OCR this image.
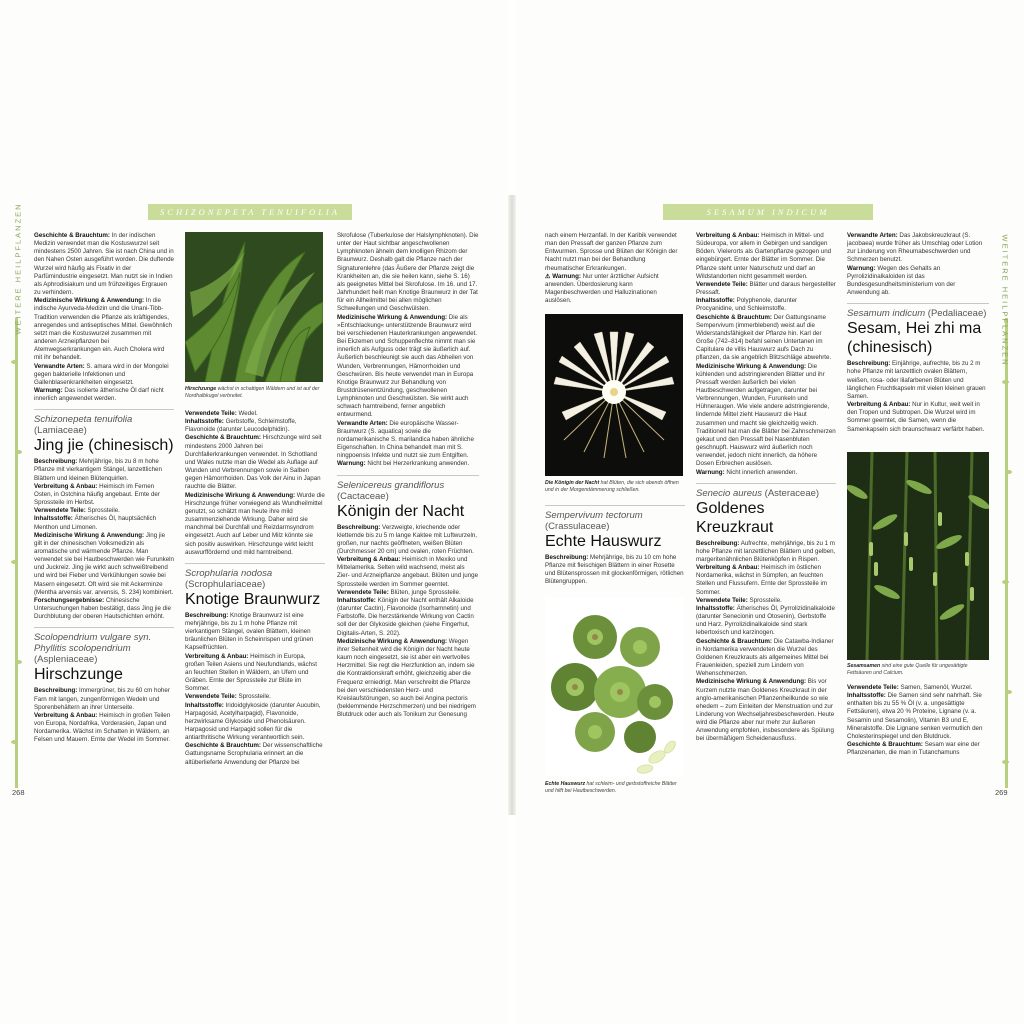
WEITERE HEILPFLANZEN
268
SCHIZONEPETA TENUIFOLIA

Geschichte & Brauchtum: In der indischen Medizin verwendet man die Kostuswurzel seit mindestens 2500 Jahren. Sie ist nach China und in den Nahen Osten ausgeführt worden. Die duftende Wurzel wird häufig als Fixativ in der Parfümindustrie eingesetzt. Man nutzt sie in Indien als Aphrodisiakum und um frühzeitiges Ergrauen zu verhindern.

Medizinische Wirkung & Anwendung: In die indische Ayurveda-Medizin und die Unani-Tibb-Tradition verwenden die Pflanze als kräftigendes, anregendes und antiseptisches Mittel. Gewöhnlich setzt man die Kostuswurzel zusammen mit anderen Arzneipflanzen bei Atemwegserkrankungen ein. Auch Cholera wird mit ihr behandelt.

Verwandte Arten: S. amara wird in der Mongolei gegen bakterielle Infektionen und Gallenblasenkrankheiten eingesetzt.

Warnung: Das isolierte ätherische Öl darf nicht innerlich angewendet werden.

Schizonepeta tenuifolia (Lamiaceae)
Jing jie (chinesisch)

Beschreibung: Mehrjährige, bis zu 8 m hohe Pflanze mit vierkantigem Stängel, lanzettlichen Blättern und kleinen Blütenquirlen.

Verbreitung & Anbau: Heimisch im Fernen Osten, in Ostchina häufig angebaut. Ernte der Sprossteile im Herbst.

Verwendete Teile: Sprossteile.

Inhaltsstoffe: Ätherisches Öl, hauptsächlich Menthon und Limonen.

Medizinische Wirkung & Anwendung: Jing jie gilt in der chinesischen Volksmedizin als aromatische und wärmende Pflanze. Man verwendet sie bei Hautbeschwerden wie Furunkeln und Juckreiz. Jing jie wirkt auch schweißtreibend und wird bei Fieber und Verkühlungen sowie bei Masern eingesetzt. Oft wird sie mit Ackerminze (Mentha arvensis var. arvensis, S. 234) kombiniert.

Forschungsergebnisse: Chinesische Untersuchungen haben bestätigt, dass Jing jie die Durchblutung der oberen Hautschichten erhöht.

Scolopendrium vulgare syn. Phyllitis scolopendrium (Aspleniaceae)
Hirschzunge

Beschreibung: Immergrüner, bis zu 60 cm hoher Farn mit langen, zungenförmigen Wedeln und Sporenbehältern an ihrer Unterseite.

Verbreitung & Anbau: Heimisch in großen Teilen von Europa, Nordafrika, Vorderasien, Japan und Nordamerika. Wächst im Schatten in Wäldern, an Felsen und Mauern. Ernte der Wedel im Sommer.

Hirschzunge wächst in schattigen Wäldern und ist auf der Nordhalbkugel verbreitet.

Verwendete Teile: Wedel.

Inhaltsstoffe: Gerbstoffe, Schleimstoffe, Flavonoide (darunter Leucodelphidin).

Geschichte & Brauchtum: Hirschzunge wird seit mindestens 2000 Jahren bei Durchfallerkrankungen verwendet. In Schottland und Wales nutzte man die Wedel als Auflage auf Wunden und Verbrennungen sowie in Salben gegen Hämorrhoiden. Das Volk der Ainu in Japan rauchte die Blätter.

Medizinische Wirkung & Anwendung: Wurde die Hirschzunge früher vorwiegend als Wundheilmittel genutzt, so schätzt man heute ihre mild zusammenziehende Wirkung. Daher wird sie manchmal bei Durchfall und Reizdarmsyndrom eingesetzt. Auch auf Leber und Milz könnte sie sich positiv auswirken. Hirschzunge wirkt leicht auswurffördernd und mild harntreibend.

Scrophularia nodosa
(Scrophulariaceae)
Knotige Braunwurz

Beschreibung: Knotige Braunwurz ist eine mehrjährige, bis zu 1 m hohe Pflanze mit vierkantigem Stängel, ovalen Blättern, kleinen bräunlichen Blüten in Scheinrispen und grünen Kapselfrüchten.

Verbreitung & Anbau: Heimisch in Europa, großen Teilen Asiens und Neufundlands, wächst an feuchten Stellen in Wäldern, an Ufern und Gräben. Ernte der Sprossteile zur Blüte im Sommer.

Verwendete Teile: Sprossteile.

Inhaltsstoffe: Iridoidglykoside (darunter Aucubin, Harpagosid, Acetylharpagid), Flavonoide, herzwirksame Glykoside und Phenolsäuren. Harpagosid und Harpagid sollen für die antiarthritische Wirkung verantwortlich sein.

Geschichte & Brauchtum: Der wissenschaftliche Gattungsname Scrophularia erinnert an die altüberlieferte Anwendung der Pflanze bei

Skrofulose (Tuberkulose der Halslymphknoten). Die unter der Haut sichtbar angeschwollenen Lymphknoten ähneln dem knolligen Rhizom der Braunwurz. Deshalb galt die Pflanze nach der Signaturenlehre (das Äußere der Pflanze zeigt die Krankheiten an, die sie heilen kann, siehe S. 16) als geeignetes Mittel bei Skrofulose. Im 16. und 17. Jahrhundert heilt man Knotige Braunwurz in der Tat für ein Allheilmittel bei allen möglichen Schwellungen und Geschwülsten.

Medizinische Wirkung & Anwendung: Die als »Entschlackung« unterstützende Braunwurz wird bei verschiedenen Hauterkrankungen angewendet. Bei Ekzemen und Schuppenflechte nimmt man sie innerlich als Aufguss oder trägt sie äußerlich auf. Äußerlich beschleunigt sie auch das Abheilen von Wunden, Verbrennungen, Hämorrhoiden und Geschwüren. Bis heute verwendet man in Europa Knotige Braunwurz zur Behandlung von Brustdrüsenentzündung, geschwollenen Lymphknoten und Geschwülsten. Sie wirkt auch schwach harntreibend, ferner angeblich entwurmend.

Verwandte Arten: Die europäische Wasser-Braunwurz (S. aquatica) sowie die nordamerikanische S. marilandica haben ähnliche Eigenschaften. In China behandelt man mit S. ningpoensis Infekte und nutzt sie zum Entgiften.

Warnung: Nicht bei Herzerkrankung anwenden.

Selenicereus grandiflorus
(Cactaceae)
Königin der Nacht

Beschreibung: Verzweigte, kriechende oder kletternde bis zu 5 m lange Kaktee mit Luftwurzeln, großen, nur nachts geöffneten, weißen Blüten (Durchmesser 20 cm) und ovalen, roten Früchten.

Verbreitung & Anbau: Heimisch in Mexiko und Mittelamerika. Selten wild wachsend, meist als Zier- und Arzneipflanze angebaut. Blüten und junge Sprossteile werden im Sommer geerntet.

Verwendete Teile: Blüten, junge Sprossteile.

Inhaltsstoffe: Königin der Nacht enthält Alkaloide (darunter Cactin), Flavonoide (Isorhamnetin) und Farbstoffe. Die herzstärkende Wirkung von Cactin soll der der Glykoside gleichen (siehe Fingerhut, Digitalis-Arten, S. 202).

Medizinische Wirkung & Anwendung: Wegen ihrer Seltenheit wird die Königin der Nacht heute kaum noch eingesetzt, sie ist aber ein wertvolles Herzmittel. Sie regt die Herzfunktion an, indem sie die Kontraktionskraft erhöht, gleichzeitig aber die Frequenz erniedrigt. Man verschreibt die Pflanze bei den verschiedensten Herz- und Kreislaufstörungen, so auch bei Angina pectoris (beklemmende Herzschmerzen) und bei niedrigem Blutdruck oder auch als Tonikum zur Genesung

WEITERE HEILPFLANZEN
269
SESAMUM INDICUM

nach einem Herzanfall. In der Karibik verwendet man den Pressaft der ganzen Pflanze zum Entwurmen. Sprosse und Blüten der Königin der Nacht nutzt man bei der Behandlung rheumatischer Erkrankungen.

⚠ Warnung: Nur unter ärztlicher Aufsicht anwenden. Überdosierung kann Magenbeschwerden und Halluzinationen auslösen.

Die Königin der Nacht hat Blüten, die sich abends öffnen und in der Morgendämmerung schließen.
Sempervivum tectorum
(Crassulaceae)
Echte Hauswurz

Beschreibung: Mehrjährige, bis zu 10 cm hohe Pflanze mit fleischigen Blättern in einer Rosette und Blütensprossen mit glockenförmigen, rötlichen Blütengruppen.

Echte Hauswurz hat schleim- und gerbstoffreiche Blätter und hilft bei Hautbeschwerden.

Verbreitung & Anbau: Heimisch in Mittel- und Südeuropa, vor allem in Gebirgen und sandigen Böden. Vielerorts als Gartenpflanze gezogen und eingebürgert. Ernte der Blätter im Sommer. Die Pflanze steht unter Naturschutz und darf an Wildstandorten nicht gesammelt werden.

Verwendete Teile: Blätter und daraus hergestellter Pressaft.

Inhaltsstoffe: Polyphenole, darunter Procyanidine, und Schleimstoffe.

Geschichte & Brauchtum: Der Gattungsname Sempervivum (immerblebend) weist auf die Widerstandsfähigkeit der Pflanze hin. Karl der Große (742–814) befahl seinen Untertanen im Capitulare de villis Hauswurz aufs Dach zu pflanzen, da sie angeblich Blitzschläge abwehrte.

Medizinische Wirkung & Anwendung: Die kühlenden und adstringierenden Blätter und ihr Pressaft werden äußerlich bei vielen Hautbeschwerden aufgetragen, darunter bei Verbrennungen, Wunden, Furunkeln und Hühneraugen. Wie viele andere adstringierende, lindernde Mittel zieht Hauswurz die Haut zusammen und macht sie gleichzeitig weich. Traditionell hat man die Blätter bei Zahnschmerzen gekaut und den Pressaft bei Nasenbluten geschnupft. Hauswurz wird äußerlich noch verwendet, jedoch nicht innerlich, da höhere Dosen Erbrechen auslösen.

Warnung: Nicht innerlich anwenden.

Senecio aureus (Asteraceae)
Goldenes Kreuzkraut

Beschreibung: Aufrechte, mehrjährige, bis zu 1 m hohe Pflanze mit lanzettlichen Blättern und gelben, margeritenähnlichen Blütenköpfen in Rispen.

Verbreitung & Anbau: Heimisch im östlichen Nordamerika, wächst in Sümpfen, an feuchten Stellen und Flussufern. Ernte der Sprossteile im Sommer.

Verwendete Teile: Sprossteile.

Inhaltsstoffe: Ätherisches Öl, Pyrrolizidinalkaloide (darunter Senecionin und Otosenin), Gerbstoffe und Harz. Pyrrolizidinalkaloide sind stark lebertoxisch und karzinogen.

Geschichte & Brauchtum: Die Catawba-Indianer in Nordamerika verwendeten die Wurzel des Goldenen Kreuzkrauts als allgemeines Mittel bei Frauenleiden, speziell zum Lindern von Wehenschmerzen.

Medizinische Wirkung & Anwendung: Bis vor Kurzem nutzte man Goldenes Kreuzkraut in der anglo-amerikanischen Pflanzenheilkunde so wie ehedem – zum Einleiten der Menstruation und zur Linderung von Wechseljahresbeschwerden. Heute wird die Pflanze aber nur mehr zur äußeren Anwendung empfohlen, insbesondere als Spülung bei übermäßigem Scheidenausfluss.

Verwandte Arten: Das Jakobskreuzkraut (S. jacobaea) wurde früher als Umschlag oder Lotion zur Linderung von Rheumabeschwerden und Schmerzen benutzt.

Warnung: Wegen des Gehalts an Pyrrolizidinalkaloiden ist das Bundesgesundheitsministerium von der Anwendung ab.

Sesamum indicum (Pedaliaceae)
Sesam, Hei zhi ma (chinesisch)

Beschreibung: Einjährige, aufrechte, bis zu 2 m hohe Pflanze mit lanzettlich ovalen Blättern, weißen, rosa- oder lilafarbenen Blüten und länglichen Fruchtkapseln mit vielen kleinen grauen Samen.

Verbreitung & Anbau: Nur in Kultur, weit weit in den Tropen und Subtropen. Die Wurzel wird im Sommer geerntet, die Samen, wenn die Samenkapseln sich braunschwarz verfärbt haben.

Sesamsamen sind eine gute Quelle für ungesättigte Fettsäuren und Calcium.

Verwendete Teile: Samen, Samenöl, Wurzel.

Inhaltsstoffe: Die Samen sind sehr nahrhaft. Sie enthalten bis zu 55 % Öl (v. a. ungesättigte Fettsäuren), etwa 20 % Proteine, Lignane (v. a. Sesamin und Sesamolin), Vitamin B3 und E, Mineralstoffe. Die Lignane senken vermutlich den Cholesterinspiegel und den Blutdruck.

Geschichte & Brauchtum: Sesam war eine der Pflanzenarten, die man in Tutanchamuns
